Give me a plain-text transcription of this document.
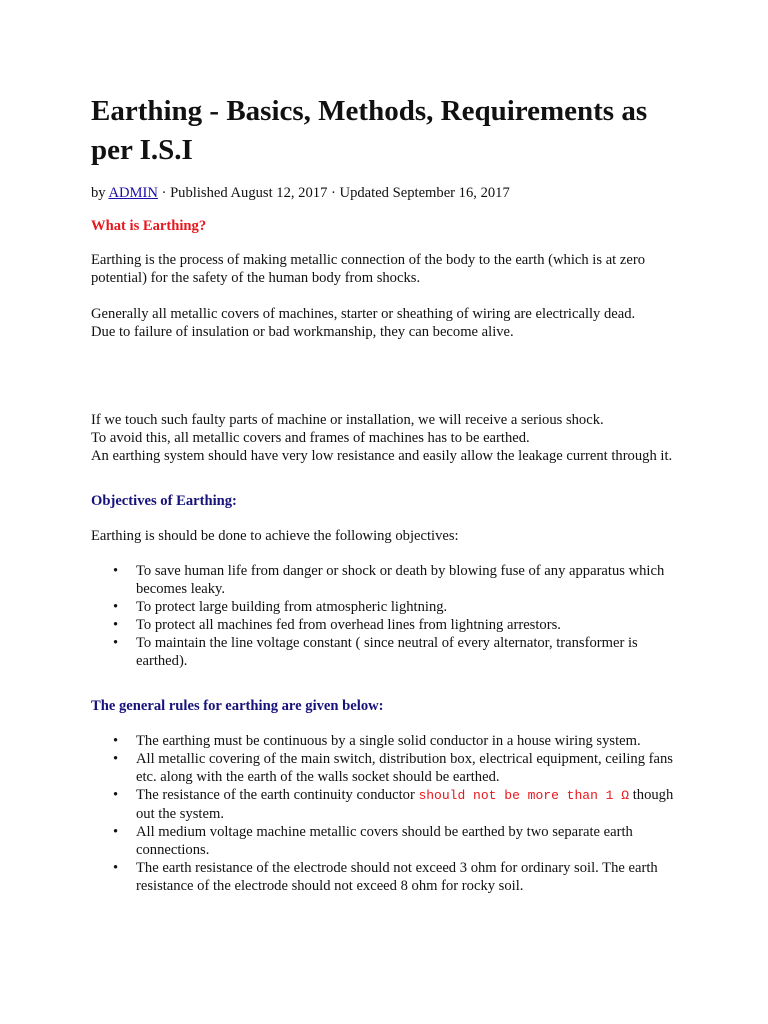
Earthing - Basics, Methods, Requirements as per I.S.I
by ADMIN · Published August 12, 2017 · Updated September 16, 2017
What is Earthing?

Earthing is the process of making metallic connection of the body to the earth (which is at zero potential) for the safety of the human body from shocks.

Generally all metallic covers of machines, starter or sheathing of wiring are electrically dead.

Due to failure of insulation or bad workmanship, they can become alive.

If we touch such faulty parts of machine or installation, we will receive a serious shock.

To avoid this, all metallic covers and frames of machines has to be earthed.

An earthing system should have very low resistance and easily allow the leakage current through it.

Objectives of Earthing:

Earthing is should be done to achieve the following objectives:

• To save human life from danger or shock or death by blowing fuse of any apparatus which becomes leaky.
• To protect large building from atmospheric lightning.
• To protect all machines fed from overhead lines from lightning arrestors.
• To maintain the line voltage constant ( since neutral of every alternator, transformer is earthed).
The general rules for earthing are given below:
• The earthing must be continuous by a single solid conductor in a house wiring system.
• All metallic covering of the main switch, distribution box, electrical equipment, ceiling fans etc. along with the earth of the walls socket should be earthed.
• The resistance of the earth continuity conductor should not be more than 1 Ω though out the system.
• All medium voltage machine metallic covers should be earthed by two separate earth connections.
• The earth resistance of the electrode should not exceed 3 ohm for ordinary soil. The earth resistance of the electrode should not exceed 8 ohm for rocky soil.
